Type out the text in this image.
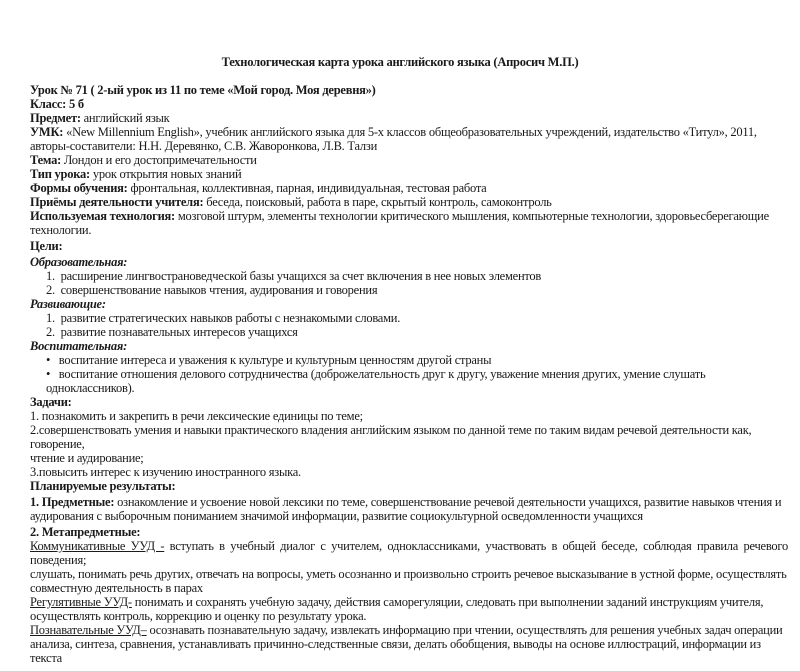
Технологическая карта урока английского языка (Апросич М.П.)
Урок № 71 ( 2-ый урок из 11 по теме «Мой город. Моя деревня»)
Класс: 5 б
Предмет: английский язык
УМК: «New Millennium English», учебник английского языка для 5-х классов общеобразовательных учреждений, издательство «Титул», 2011,
авторы-составители: Н.Н. Деревянко, С.В. Жаворонкова, Л.В. Талзи
Тема: Лондон и его достопримечательности
Тип урока: урок открытия новых знаний
Формы обучения: фронтальная, коллективная, парная, индивидуальная, тестовая работа
Приёмы деятельности учителя: беседа, поисковый, работа в паре, скрытый контроль, самоконтроль
Используемая технология: мозговой штурм, элементы технологии критического мышления, компьютерные технологии, здоровьесберегающие
технологии.
Цели:
Образовательная:
1. расширение лингвострановедческой базы учащихся за счет включения в нее новых элементов
2. совершенствование навыков чтения, аудирования и говорения
Развивающие:
1. развитие стратегических навыков работы с незнакомыми словами.
2. развитие познавательных интересов учащихся
Воспитательная:
• воспитание интереса и уважения к культуре и культурным ценностям другой страны
• воспитание отношения делового сотрудничества (доброжелательность друг к другу, уважение мнения других, умение слушать одноклассников).
Задачи:
1. познакомить и закрепить в речи лексические единицы по теме;
2.совершенствовать умения и навыки практического владения английским языком по данной теме по таким видам речевой деятельности как, говорение,
чтение и аудирование;
3.повысить интерес к изучению иностранного языка.
Планируемые результаты:
1. Предметные: ознакомление и усвоение новой лексики по теме, совершенствование речевой деятельности учащихся, развитие навыков чтения и
аудирования с выборочным пониманием значимой информации, развитие социокультурной осведомленности учащихся
2. Метапредметные:
Коммуникативные УУД - вступать в учебный диалог с учителем, одноклассниками, участвовать в общей беседе, соблюдая правила речевого поведения;
слушать, понимать речь других, отвечать на вопросы, уметь осознанно и произвольно строить речевое высказывание в устной форме, осуществлять
совместную деятельность в парах
Регулятивные УУД- понимать и сохранять учебную задачу, действия саморегуляции, следовать при выполнении заданий инструкциям учителя,
осуществлять контроль, коррекцию и оценку по результату урока.
Познавательные УУД– осознавать познавательную задачу, извлекать информацию при чтении, осуществлять для решения учебных задач операции
анализа, синтеза, сравнения, устанавливать причинно-следственные связи, делать обобщения, выводы на основе иллюстраций, информации из текста
